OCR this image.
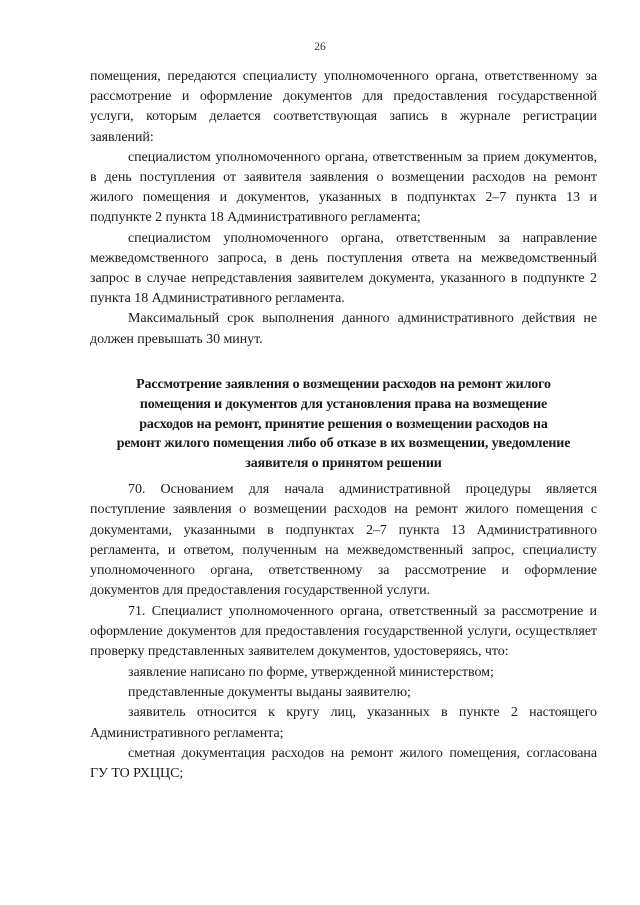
26

помещения, передаются специалисту уполномоченного органа, ответственному за рассмотрение и оформление документов для предоставления государственной услуги, которым делается соответствующая запись в журнале регистрации заявлений:

специалистом уполномоченного органа, ответственным за прием документов, в день поступления от заявителя заявления о возмещении расходов на ремонт жилого помещения и документов, указанных в подпунктах 2–7 пункта 13 и подпункте 2 пункта 18 Административного регламента;

специалистом уполномоченного органа, ответственным за направление межведомственного запроса, в день поступления ответа на межведомственный запрос в случае непредставления заявителем документа, указанного в подпункте 2 пункта 18 Административного регламента.

Максимальный срок выполнения данного административного действия не должен превышать 30 минут.

Рассмотрение заявления о возмещении расходов на ремонт жилого
помещения и документов для установления права на возмещение
расходов на ремонт, принятие решения о возмещении расходов на
ремонт жилого помещения либо об отказе в их возмещении, уведомление
заявителя о принятом решении

70. Основанием для начала административной процедуры является поступление заявления о возмещении расходов на ремонт жилого помещения с документами, указанными в подпунктах 2–7 пункта 13 Административного регламента, и ответом, полученным на межведомственный запрос, специалисту уполномоченного органа, ответственному за рассмотрение и оформление документов для предоставления государственной услуги.

71. Специалист уполномоченного органа, ответственный за рассмотрение и оформление документов для предоставления государственной услуги, осуществляет проверку представленных заявителем документов, удостоверяясь, что:

заявление написано по форме, утвержденной министерством;

представленные документы выданы заявителю;

заявитель относится к кругу лиц, указанных в пункте 2 настоящего Административного регламента;

сметная документация расходов на ремонт жилого помещения, согласована ГУ ТО РХЦЦС;
